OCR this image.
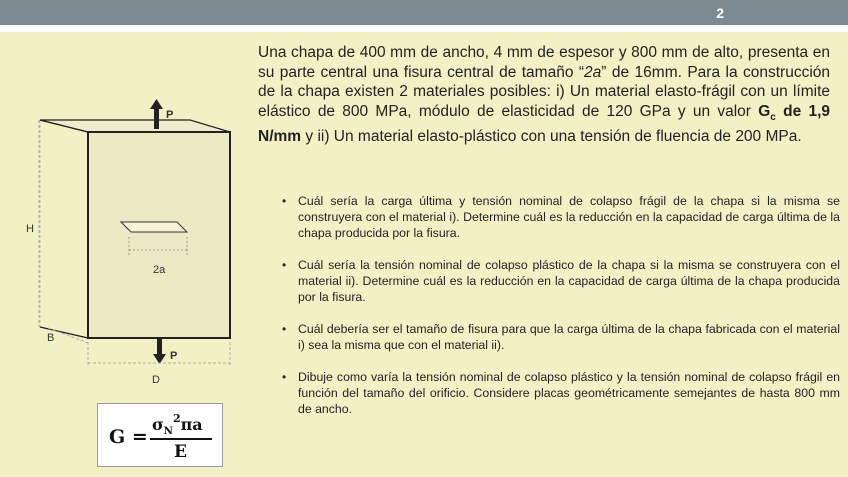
2
Una chapa de 400 mm de ancho, 4 mm de espesor y 800 mm de alto, presenta en su parte central una fisura central de tamaño “2a” de 16mm. Para la construcción de la chapa existen 2 materiales posibles: i) Un material elasto-frágil con un límite elástico de 800 MPa, módulo de elasticidad de 120 GPa y un valor $G_c$ de 1,9 N/mm y ii) Un material elasto-plástico con una tensión de fluencia de 200 MPa.
• Cuál sería la carga última y tensión nominal de colapso frágil de la chapa si la misma se construyera con el material i). Determine cuál es la reducción en la capacidad de carga última de la chapa producida por la fisura.
• Cuál sería la tensión nominal de colapso plástico de la chapa si la misma se construyera con el material ii). Determine cuál es la reducción en la capacidad de carga última de la chapa producida por la fisura.
• Cuál debería ser el tamaño de fisura para que la carga última de la chapa fabricada con el material i) sea la misma que con el material ii).
• Dibuje como varía la tensión nominal de colapso plástico y la tensión nominal de colapso frágil en función del tamaño del orificio. Considere placas geométricamente semejantes de hasta 800 mm de ancho.
P
P
2a
H
B
D
G =
$\sigma_N^2\pi a$
E
